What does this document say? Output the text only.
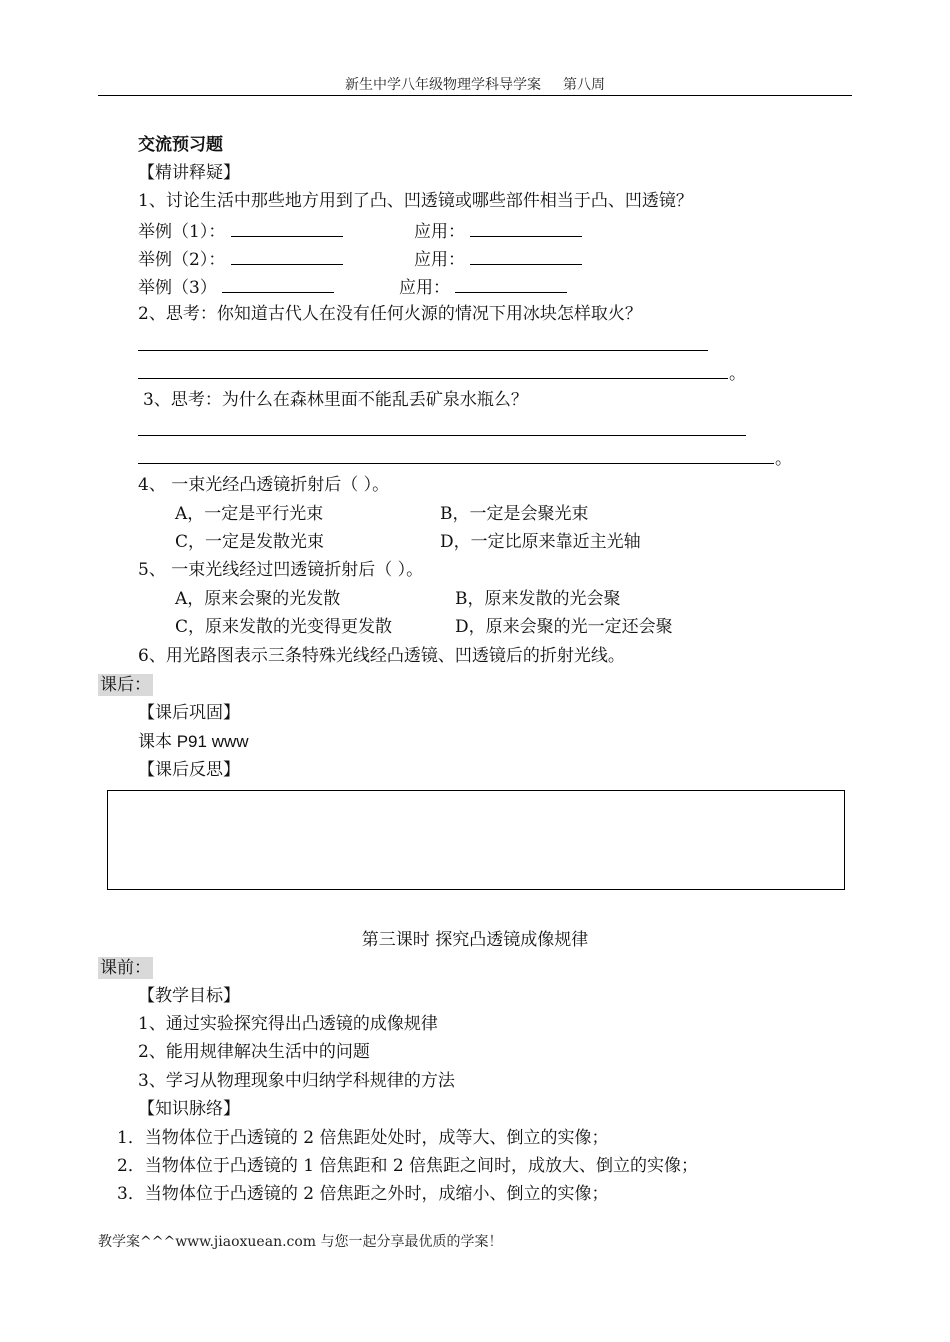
新生中学八年级物理学科导学案 第八周
交流预习题
【精讲释疑】
1、讨论生活中那些地方用到了凸、凹透镜或哪些部件相当于凸、凹透镜？
举例（1）：	应用：
举例（2）：	应用：
举例（3）	应用：
2、思考：你知道古代人在没有任何火源的情况下用冰块怎样取火？
。
3、思考：为什么在森林里面不能乱丢矿泉水瓶么？
。
4、 一束光经凸透镜折射后（ ）。
A，一定是平行光束	B，一定是会聚光束
C，一定是发散光束	D，一定比原来靠近主光轴
5、 一束光线经过凹透镜折射后（ ）。
A，原来会聚的光发散	B，原来发散的光会聚
C，原来发散的光变得更发散	D，原来会聚的光一定还会聚
6、用光路图表示三条特殊光线经凸透镜、凹透镜后的折射光线。
课后：
【课后巩固】
课本 P91 www
【课后反思】
第三课时 探究凸透镜成像规律
课前：
【教学目标】
1、通过实验探究得出凸透镜的成像规律
2、能用规律解决生活中的问题
3、学习从物理现象中归纳学科规律的方法
【知识脉络】
1．当物体位于凸透镜的 2 倍焦距处处时，成等大、倒立的实像；
2．当物体位于凸透镜的 1 倍焦距和 2 倍焦距之间时，成放大、倒立的实像；
3．当物体位于凸透镜的 2 倍焦距之外时，成缩小、倒立的实像；
教学案^^^www.jiaoxuean.com 与您一起分享最优质的学案！
